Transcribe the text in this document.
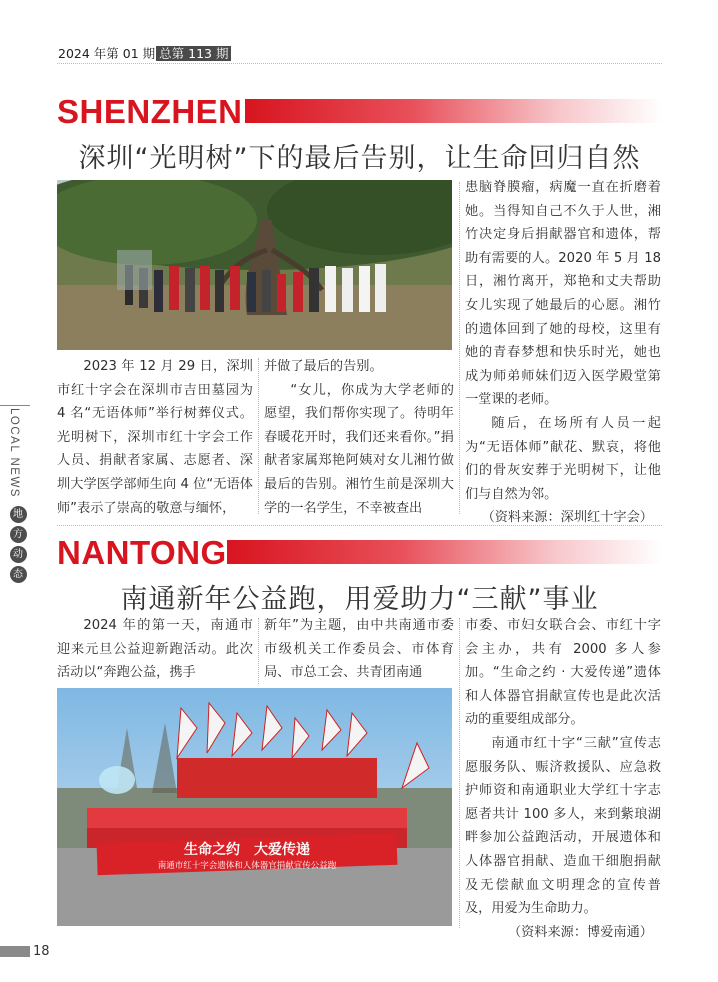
2024 年第 01 期 总第 113 期
LOCAL NEWS
地
方
动
态
SHENZHEN
深圳“光明树”下的最后告别，让生命回归自然

2023 年 12 月 29 日，深圳市红十字会在深圳市吉田墓园为 4 名“无语体师”举行树葬仪式。光明树下，深圳市红十字会工作人员、捐献者家属、志愿者、深圳大学医学部师生向 4 位“无语体师”表示了崇高的敬意与缅怀，

并做了最后的告别。

“女儿，你成为大学老师的愿望，我们帮你实现了。待明年春暖花开时，我们还来看你。”捐献者家属郑艳阿姨对女儿湘竹做最后的告别。湘竹生前是深圳大学的一名学生，不幸被查出

患脑脊膜瘤，病魔一直在折磨着她。当得知自己不久于人世，湘竹决定身后捐献器官和遗体，帮助有需要的人。2020 年 5 月 18 日，湘竹离开，郑艳和丈夫帮助女儿实现了她最后的心愿。湘竹的遗体回到了她的母校，这里有她的青春梦想和快乐时光，她也成为师弟师妹们迈入医学殿堂第一堂课的老师。

随后，在场所有人员一起为“无语体师”献花、默哀，将他们的骨灰安葬于光明树下，让他们与自然为邻。

（资料来源：深圳红十字会）

NANTONG
南通新年公益跑，用爱助力“三献”事业

2024 年的第一天，南通市迎来元旦公益迎新跑活动。此次活动以“奔跑公益，携手

新年”为主题，由中共南通市委市级机关工作委员会、市体育局、市总工会、共青团南通

市委、市妇女联合会、市红十字会主办，共有 2000 多人参加。“生命之约 · 大爱传递”遗体和人体器官捐献宣传也是此次活动的重要组成部分。

南通市红十字“三献”宣传志愿服务队、赈济救援队、应急救护师资和南通职业大学红十字志愿者共计 100 多人，来到紫琅湖畔参加公益跑活动，开展遗体和人体器官捐献、造血干细胞捐献及无偿献血文明理念的宣传普及，用爱为生命助力。

（资料来源：博爱南通）

生命之约　大爱传递
南通市红十字会遗体和人体器官捐献宣传公益跑
18
